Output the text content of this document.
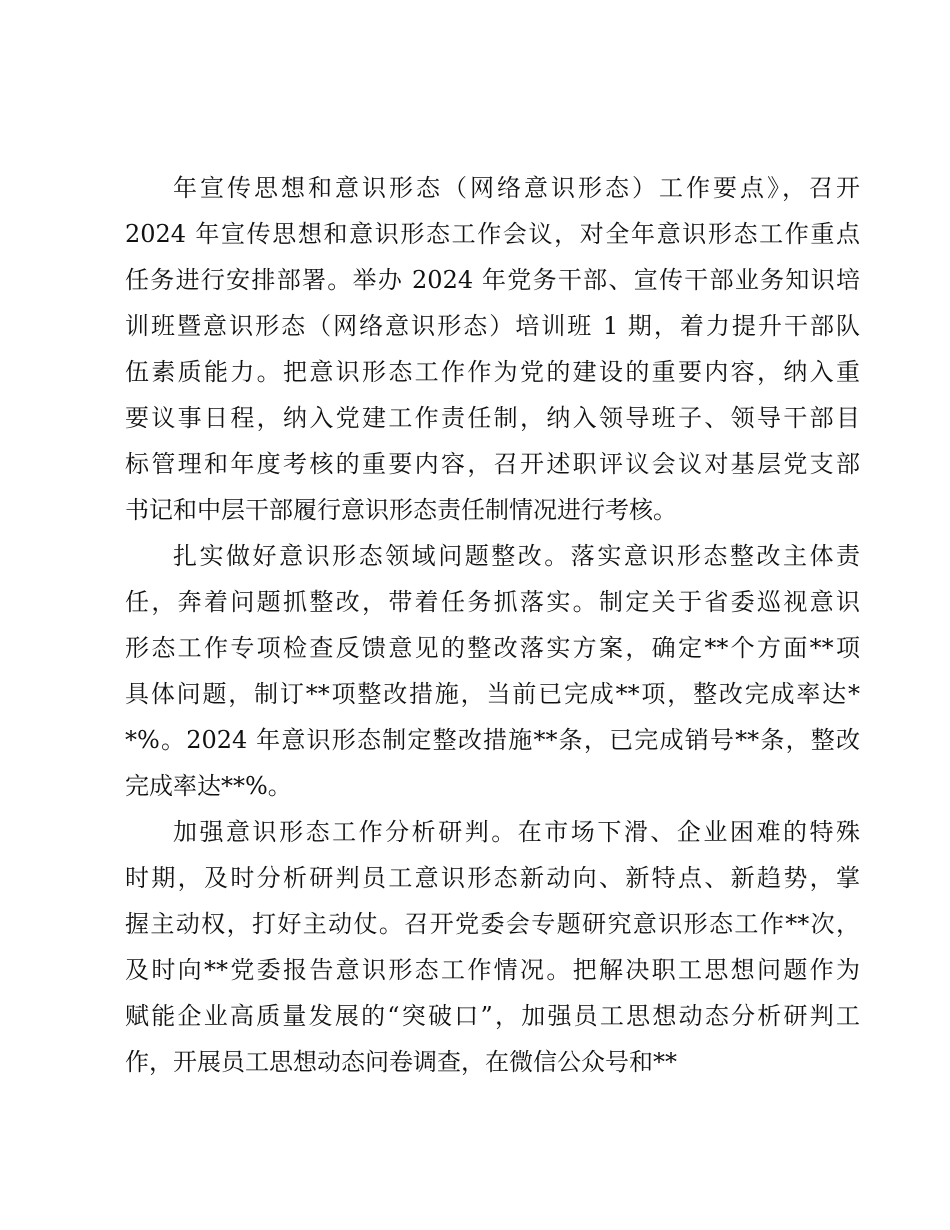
年宣传思想和意识形态（网络意识形态）工作要点》，召开
2024 年宣传思想和意识形态工作会议，对全年意识形态工作重点
任务进行安排部署。举办 2024 年党务干部、宣传干部业务知识培
训班暨意识形态（网络意识形态）培训班 1 期，着力提升干部队
伍素质能力。把意识形态工作作为党的建设的重要内容，纳入重
要议事日程，纳入党建工作责任制，纳入领导班子、领导干部目
标管理和年度考核的重要内容，召开述职评议会议对基层党支部
书记和中层干部履行意识形态责任制情况进行考核。
扎实做好意识形态领域问题整改。落实意识形态整改主体责
任，奔着问题抓整改，带着任务抓落实。制定关于省委巡视意识
形态工作专项检查反馈意见的整改落实方案，确定**个方面**项
具体问题，制订**项整改措施，当前已完成**项，整改完成率达*
*%。2024 年意识形态制定整改措施**条，已完成销号**条，整改
完成率达**%。
加强意识形态工作分析研判。在市场下滑、企业困难的特殊
时期，及时分析研判员工意识形态新动向、新特点、新趋势，掌
握主动权，打好主动仗。召开党委会专题研究意识形态工作**次，
及时向**党委报告意识形态工作情况。把解决职工思想问题作为
赋能企业高质量发展的“突破口”，加强员工思想动态分析研判工
作，开展员工思想动态问卷调查，在微信公众号和**
